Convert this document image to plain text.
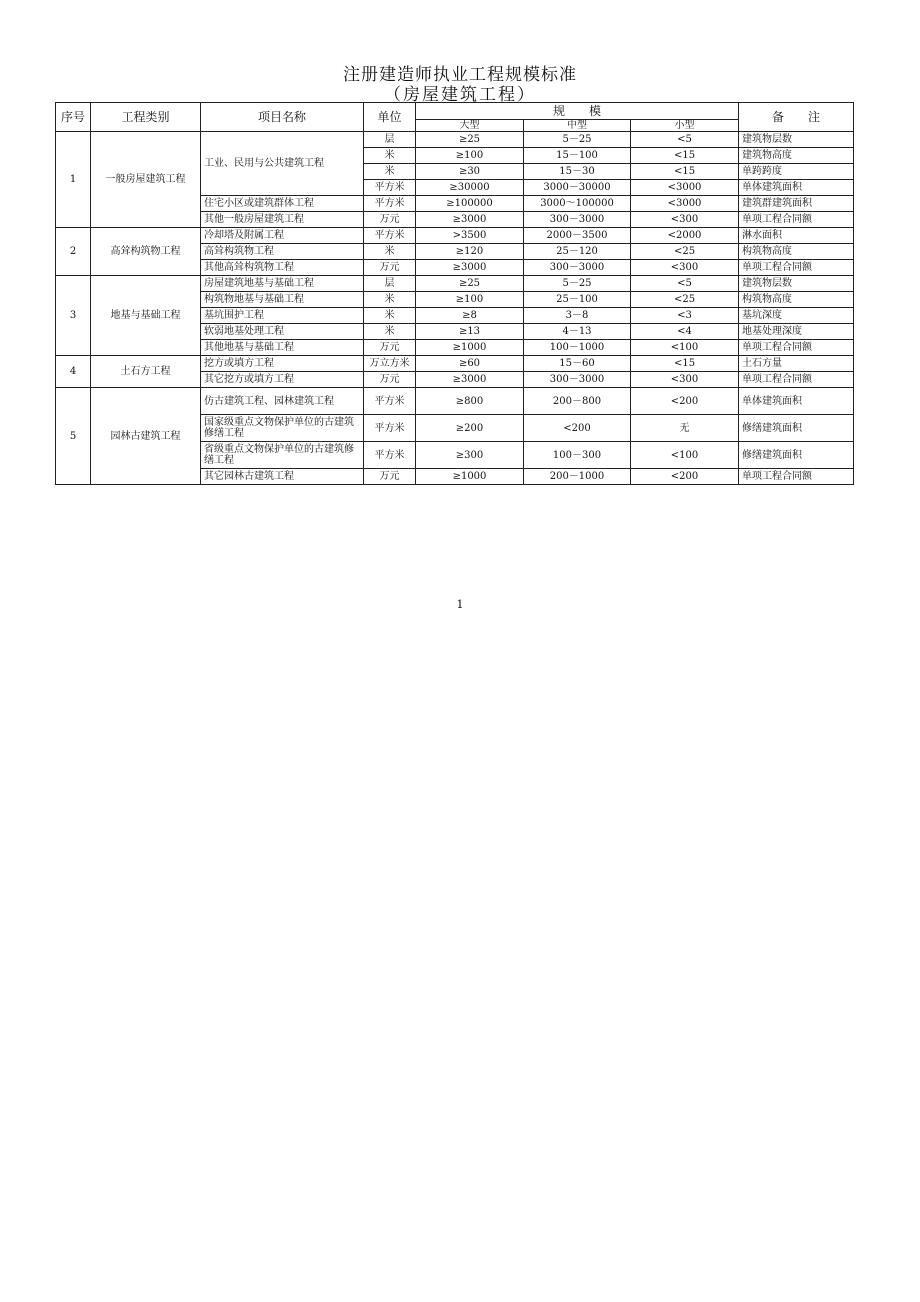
注册建造师执业工程规模标准
（房屋建筑工程）
序号	工程类别	项目名称	单位	规　　模			备　　注
				大型	中型	小型	
1	一般房屋建筑工程	工业、民用与公共建筑工程	层	≥25	5－25	<5	建筑物层数
			米	≥100	15－100	<15	建筑物高度
			米	≥30	15－30	<15	单跨跨度
			平方米	≥30000	3000－30000	<3000	单体建筑面积
		住宅小区或建筑群体工程	平方米	≥100000	3000～100000	<3000	建筑群建筑面积
		其他一般房屋建筑工程	万元	≥3000	300－3000	<300	单项工程合同额
2	高耸构筑物工程	冷却塔及附属工程	平方米	>3500	2000－3500	<2000	淋水面积
		高耸构筑物工程	米	≥120	25－120	<25	构筑物高度
		其他高耸构筑物工程	万元	≥3000	300－3000	<300	单项工程合同额
3	地基与基础工程	房屋建筑地基与基础工程	层	≥25	5－25	<5	建筑物层数
		构筑物地基与基础工程	米	≥100	25－100	<25	构筑物高度
		基坑围护工程	米	≥8	3－8	<3	基坑深度
		软弱地基处理工程	米	≥13	4－13	<4	地基处理深度
		其他地基与基础工程	万元	≥1000	100－1000	<100	单项工程合同额
4	土石方工程	挖方或填方工程	万立方米	≥60	15－60	<15	土石方量
		其它挖方或填方工程	万元	≥3000	300－3000	<300	单项工程合同额
5	园林古建筑工程	仿古建筑工程、园林建筑工程	平方米	≥800	200－800	<200	单体建筑面积
		国家级重点文物保护单位的古建筑修缮工程	平方米	≥200	<200	无	修缮建筑面积
		省级重点文物保护单位的古建筑修缮工程	平方米	≥300	100－300	<100	修缮建筑面积
		其它园林古建筑工程	万元	≥1000	200－1000	<200	单项工程合同额
1
